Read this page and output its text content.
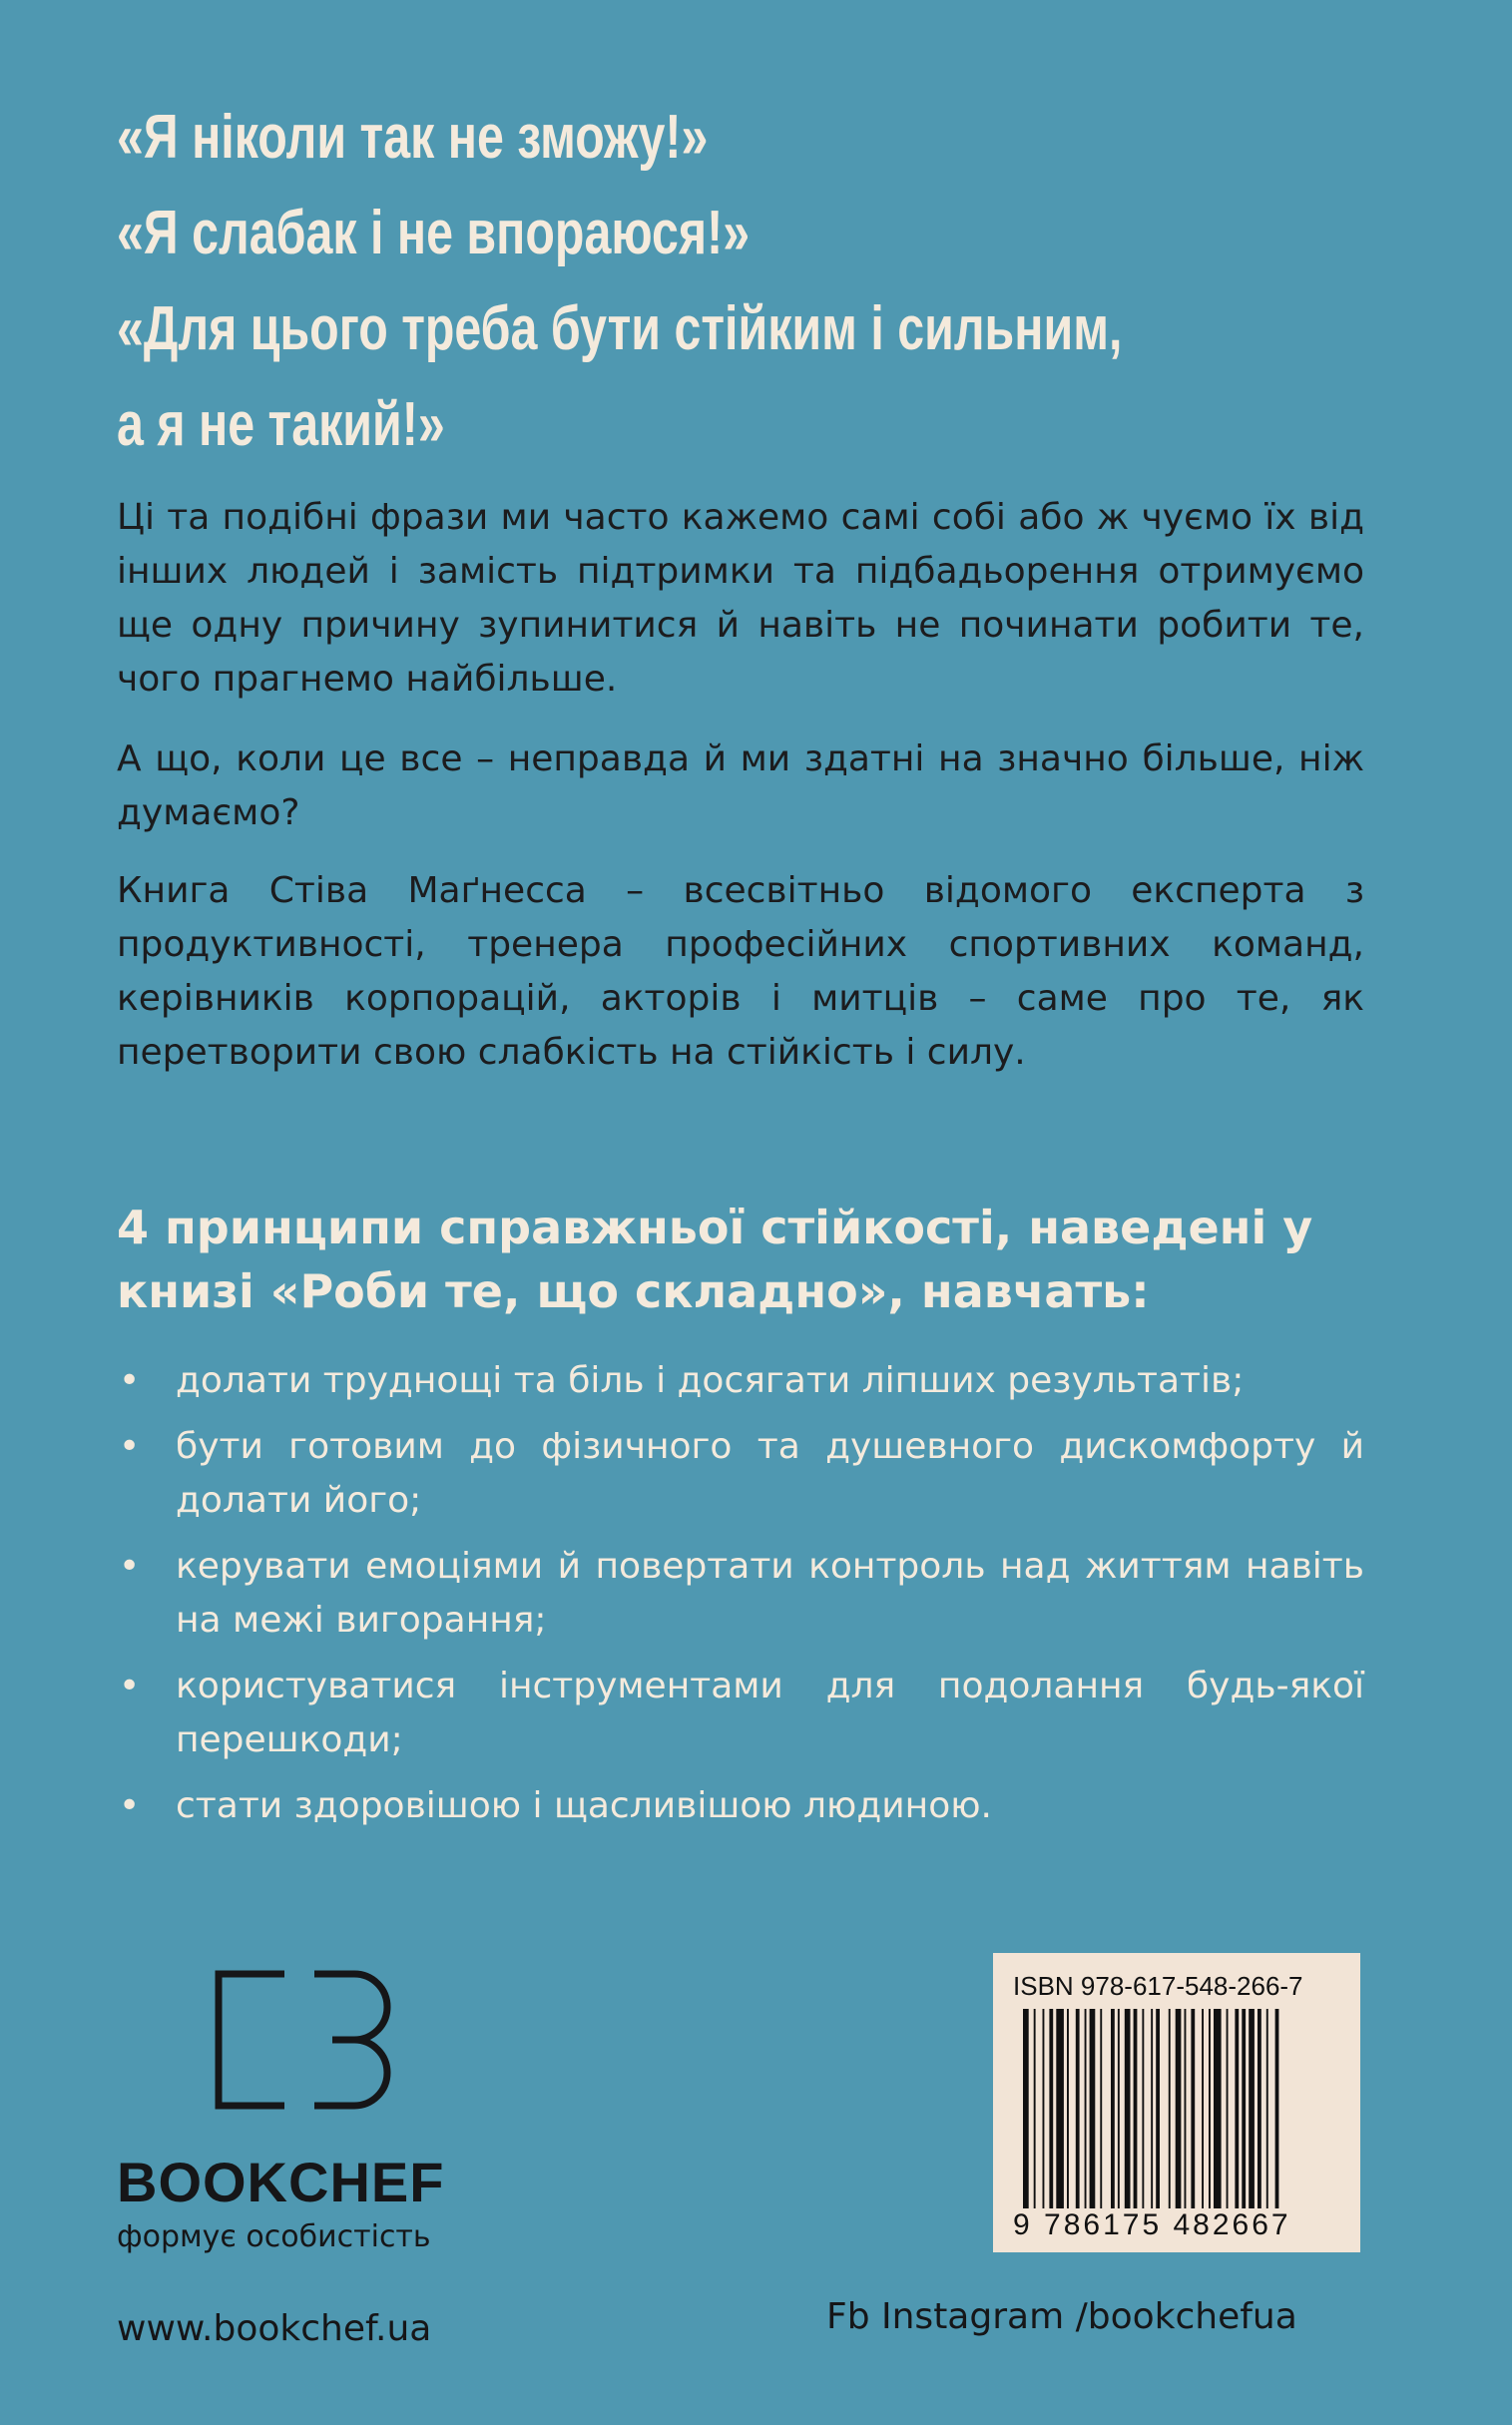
«Я ніколи так не зможу!»
«Я слабак і не впораюся!»
«Для цього треба бути стійким і сильним,
а я не такий!»

Ці та подібні фрази ми часто кажемо самі собі або ж чуємо їх від інших людей і замість підтримки та підбадьорення отримуємо ще одну причину зупинитися й навіть не починати робити те, чого прагнемо найбільше.

А що, коли це все – неправда й ми здатні на значно більше, ніж думаємо?

Книга Стіва Маґнесса – всесвітньо відомого експерта з продуктивності, тренера професійних спортивних команд, керівників корпорацій, акторів і митців – саме про те, як перетворити свою слабкість на стійкість і силу.

4 принципи справжньої стійкості, наведені у книзі «Роби те, що складно», навчать:

• долати труднощі та біль і досягати ліпших результатів;
• бути готовим до фізичного та душевного дискомфорту й долати його;
• керувати емоціями й повертати контроль над життям навіть на межі вигорання;
• користуватися інструментами для подолання будь-якої перешкоди;
• стати здоровішою і щасливішою людиною.
BOOKCHEF
формує особистість
www.bookchef.ua	Fb Instagram /bookchefua
ISBN 978-617-548-266-7
9 786175 482667
